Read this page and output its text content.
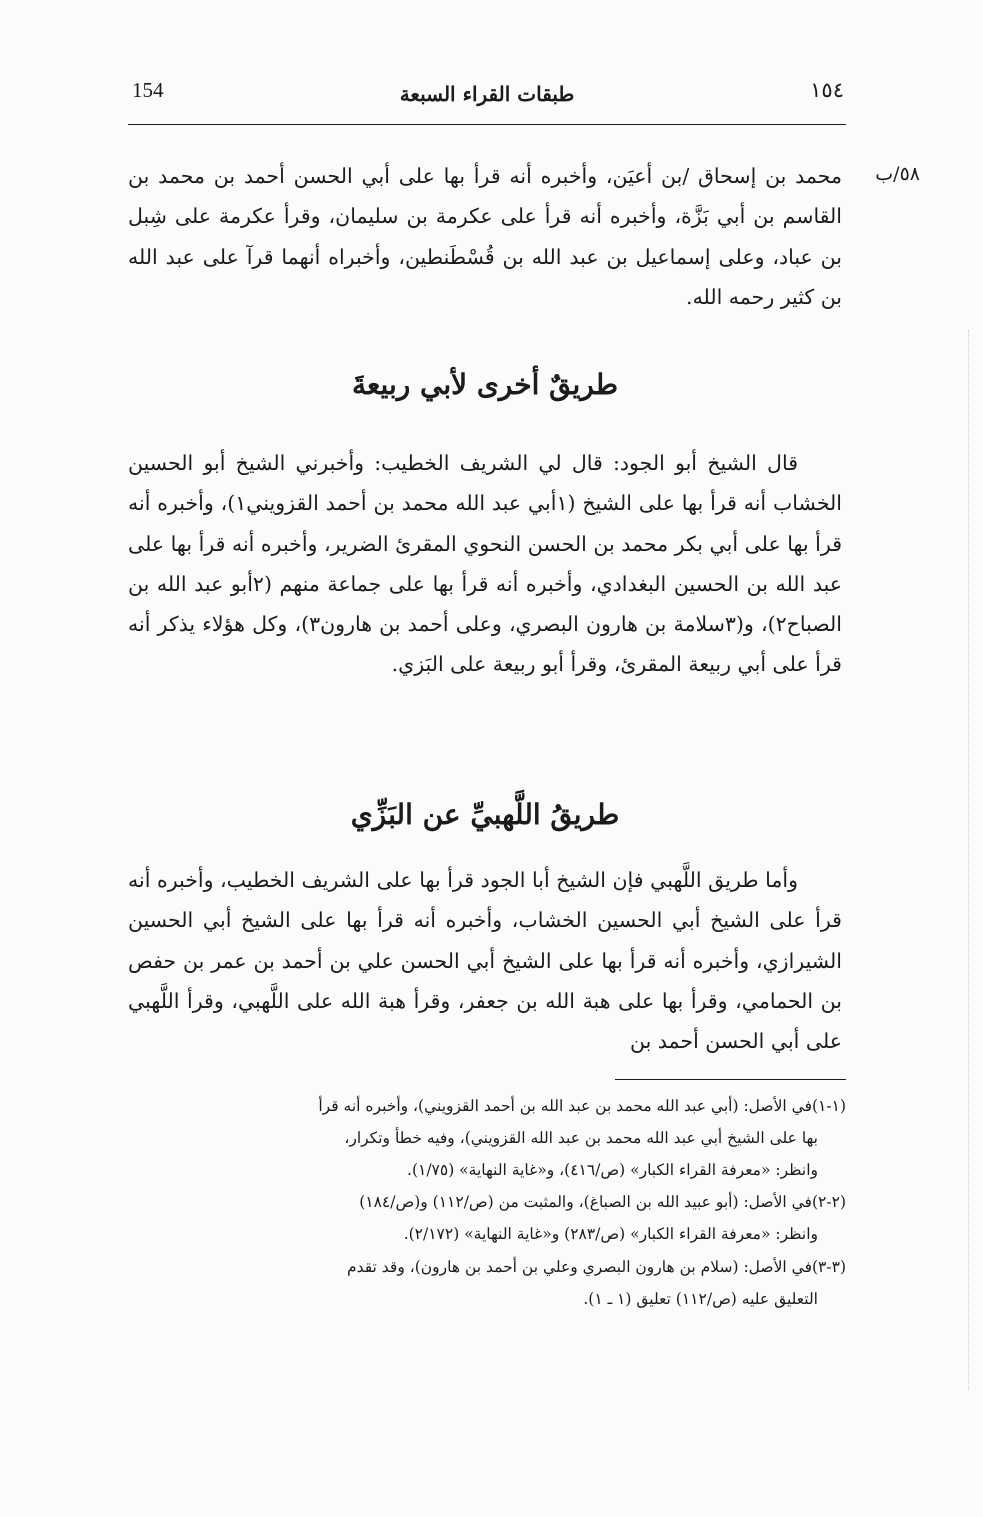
154	طبقات القراء السبعة	١٥٤
٥٨/ب

محمد بن إسحاق /بن أعيَن، وأخبره أنه قرأ بها على أبي الحسن أحمد بن محمد بن القاسم بن أبي بَزَّة، وأخبره أنه قرأ على عكرمة بن سليمان، وقرأ عكرمة على شِبل بن عباد، وعلى إسماعيل بن عبد الله بن قُسْطَنطين، وأخبراه أنهما قرآ على عبد الله بن كثير رحمه الله.

طريقٌ أخرى لأبي ربيعةَ

قال الشيخ أبو الجود: قال لي الشريف الخطيب: وأخبرني الشيخ أبو الحسين الخشاب أنه قرأ بها على الشيخ (١أبي عبد الله محمد بن أحمد القزويني١)، وأخبره أنه قرأ بها على أبي بكر محمد بن الحسن النحوي المقرئ الضرير، وأخبره أنه قرأ بها على عبد الله بن الحسين البغدادي، وأخبره أنه قرأ بها على جماعة منهم (٢أبو عبد الله بن الصباح٢)، و(٣سلامة بن هارون البصري، وعلى أحمد بن هارون٣)، وكل هؤلاء يذكر أنه قرأ على أبي ربيعة المقرئ، وقرأ أبو ربيعة على البَزي.

طريقُ اللَّهبيِّ عن البَزِّي

وأما طريق اللَّهبي فإن الشيخ أبا الجود قرأ بها على الشريف الخطيب، وأخبره أنه قرأ على الشيخ أبي الحسين الخشاب، وأخبره أنه قرأ بها على الشيخ أبي الحسين الشيرازي، وأخبره أنه قرأ بها على الشيخ أبي الحسن علي بن أحمد بن عمر بن حفص بن الحمامي، وقرأ بها على هبة الله بن جعفر، وقرأ هبة الله على اللَّهبي، وقرأ اللَّهبي على أبي الحسن أحمد بن

(١-١)في الأصل: (أبي عبد الله محمد بن عبد الله بن أحمد القزويني)، وأخبره أنه قرأ
بها على الشيخ أبي عبد الله محمد بن عبد الله القزويني)، وفيه خطأ وتكرار،
وانظر: «معرفة القراء الكبار» (ص/٤١٦)، و«غاية النهاية» (١/٧٥).
(٢-٢)في الأصل: (أبو عبيد الله بن الصباغ)، والمثبت من (ص/١١٢) و(ص/١٨٤)
وانظر: «معرفة القراء الكبار» (ص/٢٨٣) و«غاية النهاية» (٢/١٧٢).
(٣-٣)في الأصل: (سلام بن هارون البصري وعلي بن أحمد بن هارون)، وقد تقدم
التعليق عليه (ص/١١٢) تعليق (١ ـ ١).
